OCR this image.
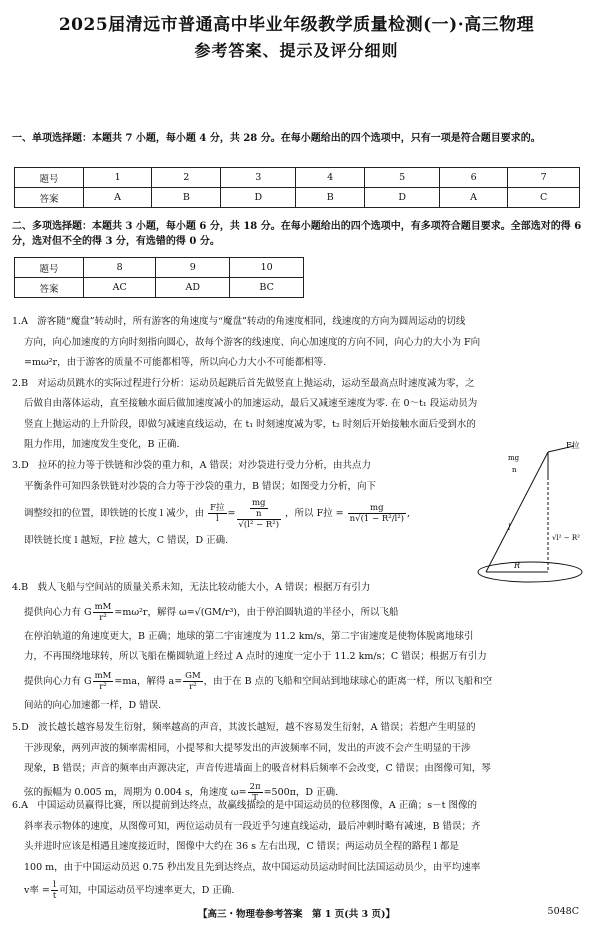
2025届清远市普通高中毕业年级教学质量检测(一)·高三物理
参考答案、提示及评分细则
一、单项选择题：本题共 7 小题，每小题 4 分，共 28 分。在每小题给出的四个选项中，只有一项是符合题目要求的。
题号	1	2	3	4	5	6	7
答案	A	B	D	B	D	A	C
二、多项选择题：本题共 3 小题，每小题 6 分，共 18 分。在每小题给出的四个选项中，有多项符合题目要求。全部选对的得 6 分，选对但不全的得 3 分，有选错的得 0 分。
题号	8	9	10
答案	AC	AD	BC

1.A　游客随“魔盘”转动时，所有游客的角速度与“魔盘”转动的角速度相同，线速度的方向为圆周运动的切线

方向，向心加速度的方向时刻指向圆心，故每个游客的线速度、向心加速度的方向不同，向心力的大小为 F向

=mω²r，由于游客的质量不可能都相等，所以向心力大小不可能都相等.

2.B　对运动员跳水的实际过程进行分析：运动员起跳后首先做竖直上抛运动，运动至最高点时速度减为零，之

后做自由落体运动，直至接触水面后做加速度减小的加速运动，最后又减速至速度为零. 在 0～t₁ 段运动员为

竖直上抛运动的上升阶段，即做匀减速直线运动，在 t₁ 时刻速度减为零，t₂ 时刻后开始接触水面后受到水的

阻力作用，加速度发生变化，B 正确.

3.D　拉环的拉力等于铁链和沙袋的重力和，A 错误；对沙袋进行受力分析，由共点力

平衡条件可知四条铁链对沙袋的合力等于沙袋的重力，B 错误；如图受力分析，向下

调整绞扣的位置，即铁链的长度 l 减少，由 $\frac{\text{F拉}}{l} = \frac{\frac{mg}{n}}{\text{√(l² − R²)}}$ ，所以 F拉 = $\frac{mg}{\text{n√(1 − R²/l²)}}$ ,

即铁链长度 l 越短，F拉 越大，C 错误，D 正确.

4.B　载人飞船与空间站的质量关系未知，无法比较动能大小，A 错误；根据万有引力

提供向心力有 G $\frac{mM}{\text{r²}} =m\omega^2r$，解得 ω=√(GM/r³)，由于停泊圆轨道的半径小，所以飞船

在停泊轨道的角速度更大，B 正确；地球的第二宇宙速度为 11.2 km/s，第二宇宙速度是使物体脱离地球引

力，不再围绕地球转，所以飞船在椭圆轨道上经过 A 点时的速度一定小于 11.2 km/s；C 错误；根据万有引力

提供向心力有 G $\frac{mM}{\text{r²}} =ma$，解得 $a= \frac{GM}{\text{r²}}$ ，由于在 B 点的飞船和空间站到地球球心的距离一样，所以飞船和空

间站的向心加速都一样，D 错误.

5.D　波长越长越容易发生衍射，频率越高的声音，其波长越短，越不容易发生衍射，A 错误；若想产生明显的

干涉现象，两列声波的频率需相同，小提琴和大提琴发出的声波频率不同，发出的声波不会产生明显的干涉

现象，B 错误；声音的频率由声源决定，声音传进墙面上的吸音材料后频率不会改变，C 错误；由图像可知，琴

弦的振幅为 0.005 m，周期为 0.004 s，角速度 $\omega= \frac{2\pi}{T} =500\pi$，D 正确.

6.A　中国运动员赢得比赛，所以提前到达终点，故赢线描绘的是中国运动员的位移图像，A 正确；s－t 图像的

斜率表示物体的速度，从图像可知，两位运动员有一段近乎匀速直线运动，最后冲刺时略有减速，B 错误；齐

头并进时应该是相遇且速度接近时，图像中大约在 36 s 左右出现，C 错误；两运动员全程的路程 l 都是

100 m，由于中国运动员迟 0.75 秒出发且先到达终点，故中国运动员运动时间比法国运动员少，由平均速率

v率 = $\frac{l}{t}$ 可知，中国运动员平均速率更大，D 正确.

F拉
mg
n
l
√l² − R²
R
【高三・物理卷参考答案　第 1 页(共 3 页)】	5048C
